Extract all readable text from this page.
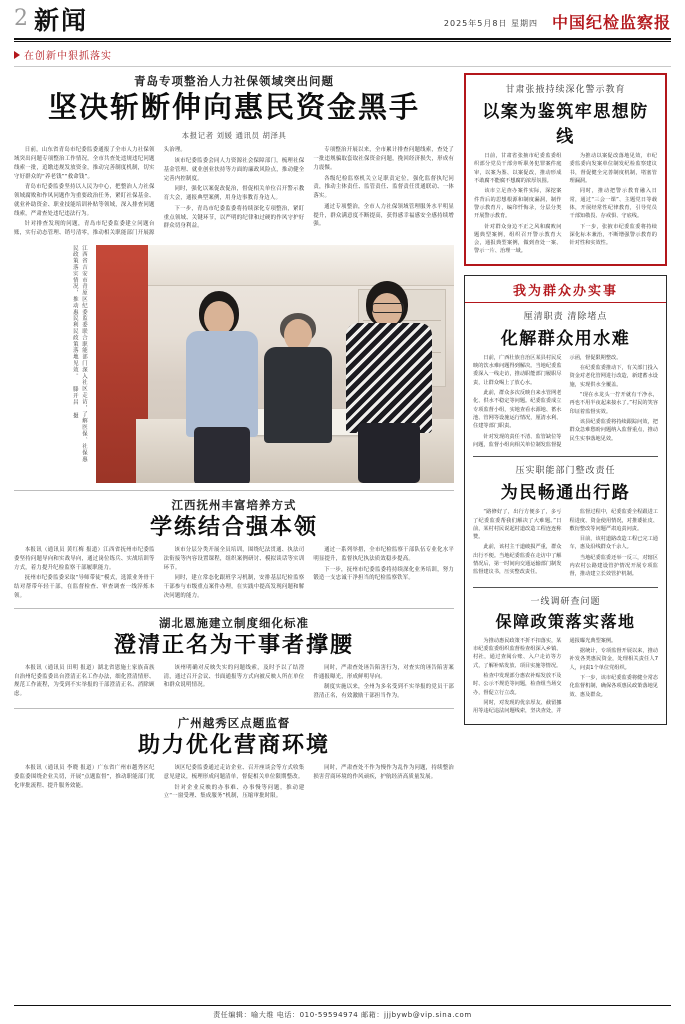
2 新闻	2025年5月8日 星期四 中国纪检监察报
在创新中狠抓落实
青岛专项整治人力社保领域突出问题
坚决斩断伸向惠民资金黑手
本报记者 刘媛 通讯员 胡泽具

日前，山东省青岛市纪委监委通报了全市人力社保领域突出问题专项整治工作情况，全市共查处违规违纪问题线索一批，追缴违规发放资金，推动完善制度机制，切实守好群众的“养老钱”“救命钱”。

青岛市纪委监委坚持以人民为中心，把整治人力社保领域腐败和作风问题作为重要政治任务，紧盯社保基金、就业补助资金、职业技能培训补贴等领域，深入排查问题线索，严肃查处违纪违法行为。

针对排查发现的问题，青岛市纪委监委建立问题台账，实行动态管理、销号清零，推动相关职能部门开展源头治理。

该市纪委监委会同人力资源社会保障部门，梳理社保基金管理、就业创业扶持等方面的廉政风险点，推动健全完善内控制度。

同时，强化以案促改促治，督促相关单位召开警示教育大会，通报典型案例，用身边事教育身边人。

下一步，青岛市纪委监委将持续深化专项整治，紧盯重点领域、关键环节，以严明的纪律和过硬的作风守护好群众切身利益。

专项整治开展以来，全市累计排查问题线索，查处了一批违规骗取套取社保资金问题，挽回经济损失，形成有力震慑。

各级纪检监察机关立足职责定位，强化监督执纪问责，推动主体责任、监管责任、监督责任贯通联动、一体落实。

通过专项整治，全市人力社保领域管理服务水平明显提升，群众满意度不断提高，获得感幸福感安全感持续增强。

江西省吉安市青原区纪委监委联合职能部门深入社区走访，了解医保、社保惠民政策落实情况，推动惠民利民政策落地见效。 滕开昌 摄
江西抚州丰富培养方式
学练结合强本领

本报讯（通讯员 黄红梅 报道）江西省抚州市纪委监委坚持问题导向和实战导向，通过岗位练兵、实战培训等方式，着力提升纪检监察干部履职能力。

抚州市纪委监委采取“导师带徒”模式，选派业务骨干结对帮带年轻干部，在监督检查、审查调查一线淬炼本领。

该市分层分类开展全员培训，围绕纪法贯通、执法司法衔接等内容设置课程，组织案例研讨、模拟谈话等实训环节。

同时，建立常态化跟班学习机制，安排基层纪检监察干部参与市级重点案件办理，在实践中提高发现问题和解决问题的能力。

通过一系列举措，全市纪检监察干部队伍专业化水平明显提升，监督执纪执法质效稳步提高。

下一步，抚州市纪委监委将持续深化业务培训，努力锻造一支忠诚干净担当的纪检监察铁军。

湖北恩施建立制度细化标准
澄清正名为干事者撑腰

本报讯（通讯员 田明 报道）湖北省恩施土家族苗族自治州纪委监委出台澄清正名工作办法，细化澄清情形、规范工作流程，为受到不实举报的干部澄清正名、消除顾虑。

该州明确对反映失实的问题线索，及时予以了结澄清，通过召开会议、书面通报等方式向被反映人所在单位和群众说明情况。

同时，严肃查处诬告陷害行为，对查实的诬告陷害案件通报曝光，形成鲜明导向。

制度实施以来，全州为多名受到不实举报的党员干部澄清正名，有效激励干部担当作为。

广州越秀区点题监督
助力优化营商环境

本报讯（通讯员 李晓 报道）广东省广州市越秀区纪委监委围绕企业关切，开展“点题监督”，推动职能部门优化审批流程、提升服务效能。

该区纪委监委通过走访企业、召开座谈会等方式收集意见建议，梳理形成问题清单，督促相关单位限期整改。

针对企业反映的办事难、办事慢等问题，推动建立“一窗受理、集成服务”机制，压缩审批时限。

同时，严肃查处不作为慢作为乱作为问题，持续整治损害营商环境的作风顽疾，护航经济高质量发展。

甘肃张掖持续深化警示教育
以案为鉴筑牢思想防线

日前，甘肃省张掖市纪委监委组织部分党员干部旁听职务犯罪案件庭审，以案为鉴、以案促改，推动形成不敢腐不能腐不想腐的浓厚氛围。

该市立足查办案件实际，深挖案件背后的思想根源和制度漏洞，制作警示教育片，编印忏悔录，分层分类开展警示教育。

针对群众身边不正之风和腐败问题典型案例，组织召开警示教育大会，通报典型案例，做到查处一案、警示一片、治理一域。

为推动以案促改落地见效，市纪委监委向发案单位制发纪检监察建议书，督促健全完善制度机制，堵塞管理漏洞。

同时，推动把警示教育融入日常，通过“三会一课”、主题党日等载体，开展经常性纪律教育，引导党员干部知敬畏、存戒惧、守底线。

下一步，张掖市纪委监委将持续深化标本兼治，不断增强警示教育的针对性和实效性。

我为群众办实事
厘清职责 清除堵点
化解群众用水难

日前，广西壮族自治区某县村民反映的饮水难问题得到解决。当地纪委监委深入一线走访，推动职能部门履职尽责，让群众喝上了放心水。

此前，群众多次反映自来水管网老化、供水不稳定等问题。纪委监委成立专项监督小组，实地查看水源地、蓄水池、管网等设施运行情况，厘清水利、住建等部门职责。

针对发现的责任不清、监管缺位等问题，监督小组向相关单位制发监督提示函，督促限期整改。

在纪委监委推动下，有关部门投入资金对老化管网进行改造，新建蓄水设施，实现供水全覆盖。

“现在水龙头一拧开就有干净水，再也不用半夜起来接水了。”村民的笑容印证着监督实效。

该县纪委监委将持续跟踪问效，把群众急难愁盼问题纳入监督重点，推动民生实事落地见效。

压实职能部门整改责任
为民畅通出行路

“路修好了，出行方便多了，多亏了纪委监委帮我们解决了大难题。”日前，某村村民说起村道改造工程连连称赞。

此前，该村主干道破损严重，群众出行不便。当地纪委监委在走访中了解情况后，第一时间向交通运输部门制发监督建议书，压实整改责任。

监督过程中，纪委监委全程跟进工程进度、资金使用情况，对推诿扯皮、敷衍整改等问题严肃追责问责。

目前，该村道路改造工程已完工通车，惠及沿线群众千余人。

当地纪委监委还举一反三，对辖区内农村公路建设管护情况开展专项监督，推动建立长效管护机制。

一线调研查问题
保障政策落实落地

为推动惠民政策不折不扣落实，某市纪委监委组织监督检查组深入乡镇、村社，通过查阅台账、入户走访等方式，了解补贴发放、项目实施等情况。

检查中发现部分惠农补贴发放不及时、公示不规范等问题，检查组当场交办，督促立行立改。

同时，对发现的优亲厚友、截留挪用等违纪违法问题线索，坚决查处，并通报曝光典型案例。

据统计，专项监督开展以来，推动补发各类惠民资金，处理相关责任人7人，问责1个单位党组织。

下一步，该市纪委监委将健全常态化监督机制，确保各项惠民政策落地见效、惠及群众。

责任编辑：喻大维 电话：010-59594974 邮箱：jjjbywb@vip.sina.com
